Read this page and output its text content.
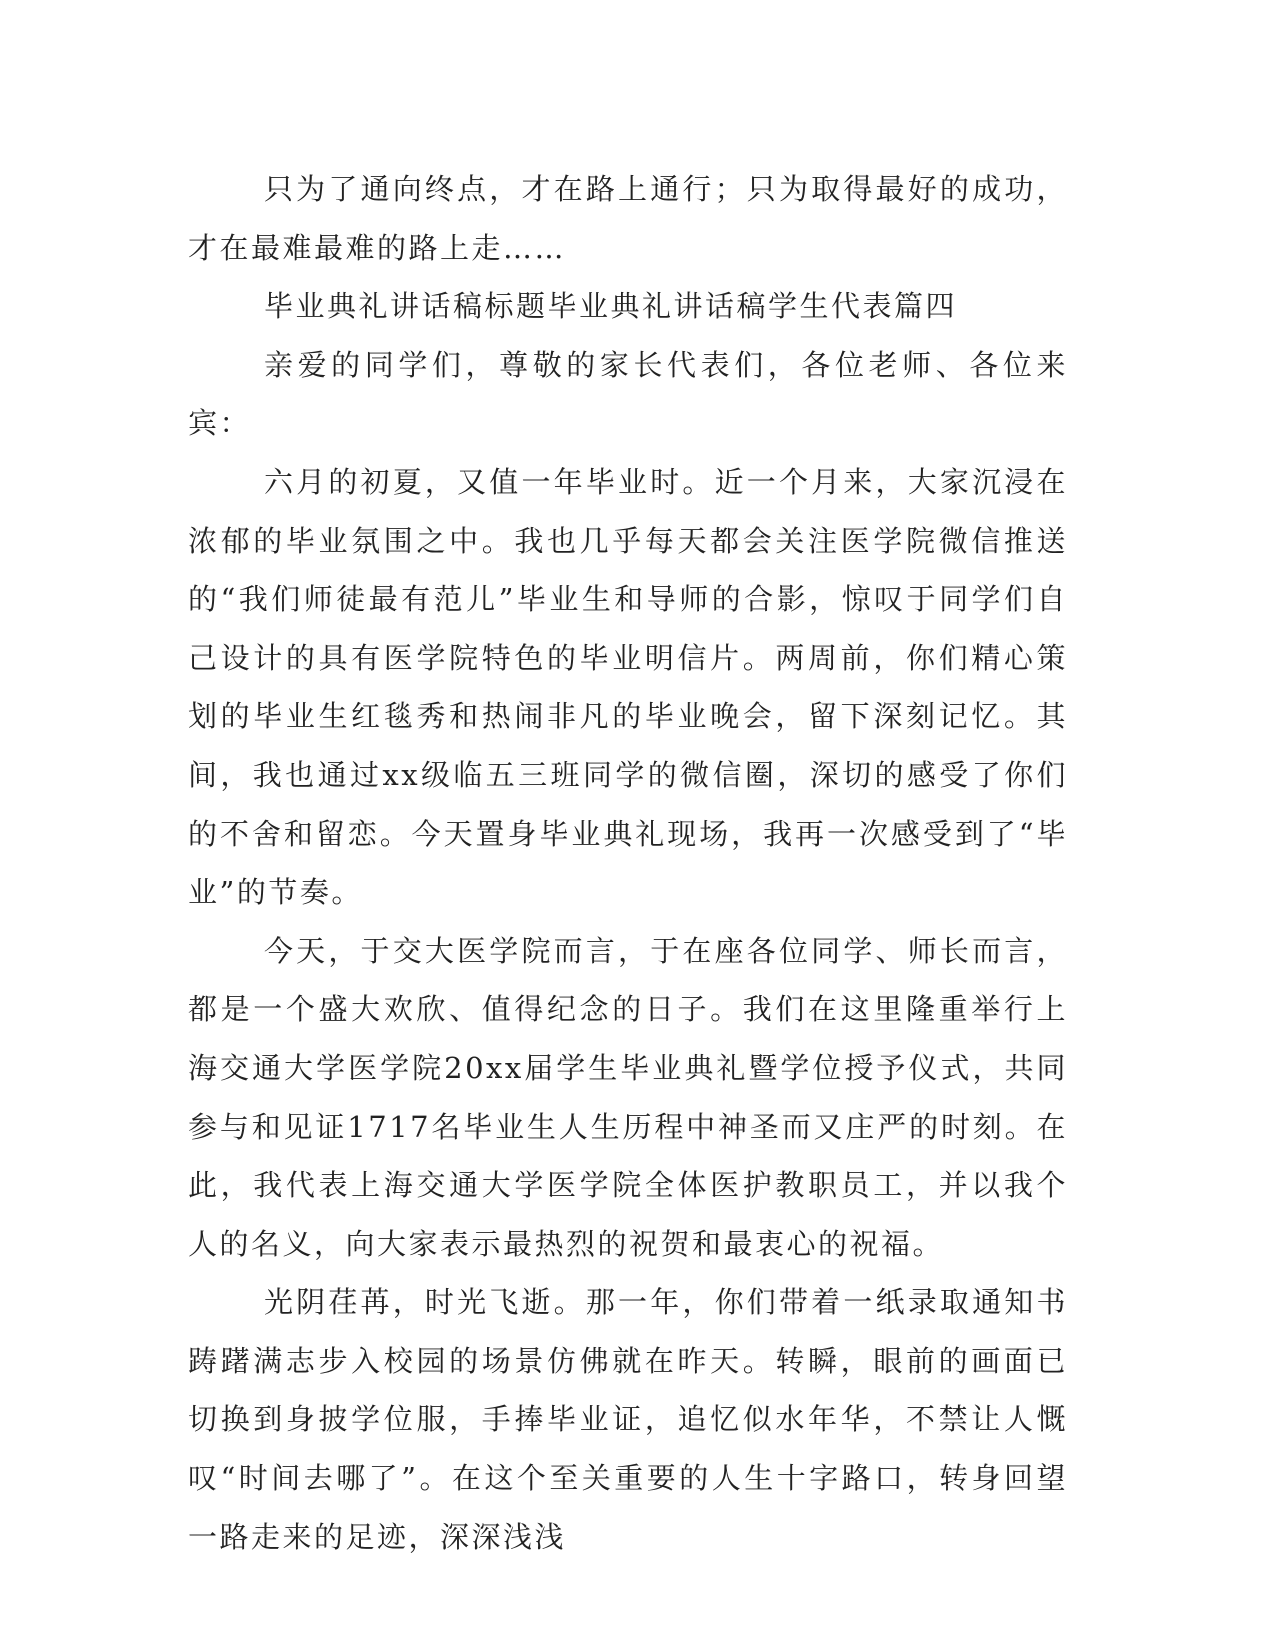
只为了通向终点，才在路上通行；只为取得最好的成功，才在最难最难的路上走……

毕业典礼讲话稿标题毕业典礼讲话稿学生代表篇四

亲爱的同学们，尊敬的家长代表们，各位老师、各位来宾：

六月的初夏，又值一年毕业时。近一个月来，大家沉浸在浓郁的毕业氛围之中。我也几乎每天都会关注医学院微信推送的“我们师徒最有范儿”毕业生和导师的合影，惊叹于同学们自己设计的具有医学院特色的毕业明信片。两周前，你们精心策划的毕业生红毯秀和热闹非凡的毕业晚会，留下深刻记忆。其间，我也通过xx级临五三班同学的微信圈，深切的感受了你们的不舍和留恋。今天置身毕业典礼现场，我再一次感受到了“毕业”的节奏。

今天，于交大医学院而言，于在座各位同学、师长而言，都是一个盛大欢欣、值得纪念的日子。我们在这里隆重举行上海交通大学医学院20xx届学生毕业典礼暨学位授予仪式，共同参与和见证1717名毕业生人生历程中神圣而又庄严的时刻。在此，我代表上海交通大学医学院全体医护教职员工，并以我个人的名义，向大家表示最热烈的祝贺和最衷心的祝福。

光阴荏苒，时光飞逝。那一年，你们带着一纸录取通知书踌躇满志步入校园的场景仿佛就在昨天。转瞬，眼前的画面已切换到身披学位服，手捧毕业证，追忆似水年华，不禁让人慨叹“时间去哪了”。在这个至关重要的人生十字路口，转身回望一路走来的足迹，深深浅浅
